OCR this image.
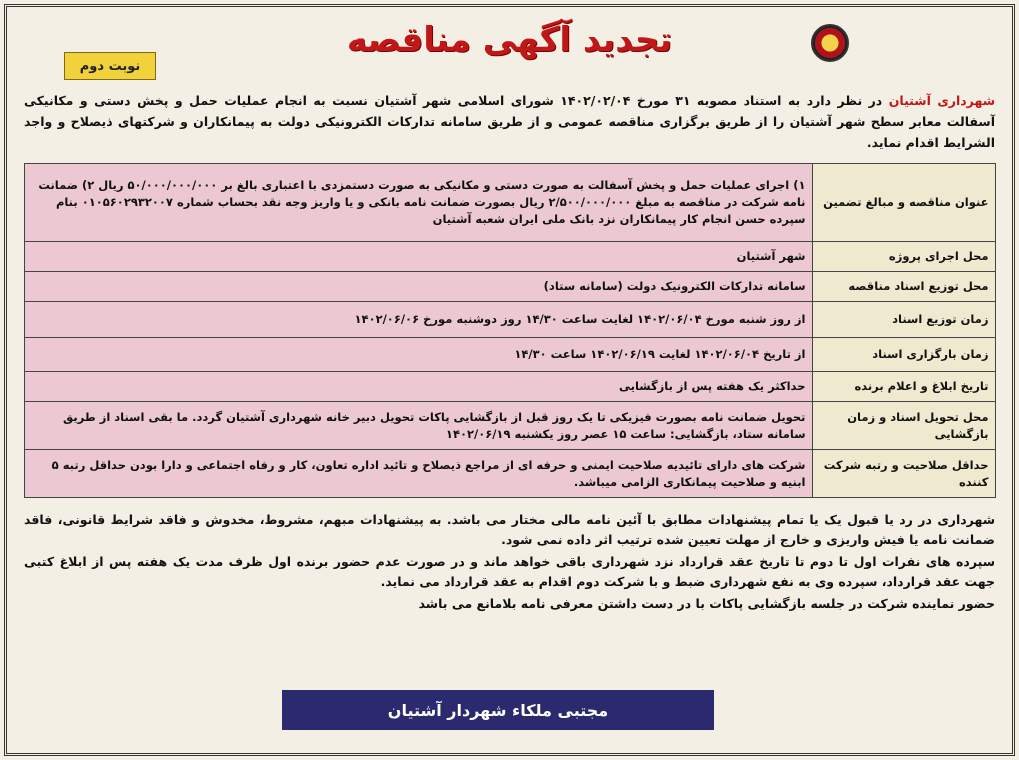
تجدید آگهی مناقصه
نوبت دوم
شهرداری آشتیان در نظر دارد به استناد مصوبه ۳۱ مورخ ۱۴۰۲/۰۲/۰۴ شورای اسلامی شهر آشتیان نسبت به انجام عملیات حمل و پخش دستی و مکانیکی آسفالت معابر سطح شهر آشتیان را از طریق برگزاری مناقصه عمومی و از طریق سامانه تدارکات الکترونیکی دولت به پیمانکاران و شرکتهای ذیصلاح و واجد الشرایط اقدام نماید.
عنوان مناقصه و مبالغ تضمین	۱) اجرای عملیات حمل و پخش آسفالت به صورت دستی و مکانیکی به صورت دستمزدی با اعتباری بالغ بر ۵۰/۰۰۰/۰۰۰/۰۰۰ ریال ۲) ضمانت نامه شرکت در مناقصه به مبلغ ۲/۵۰۰/۰۰۰/۰۰۰ ریال بصورت ضمانت نامه بانکی و یا واریز وجه نقد بحساب شماره ۰۱۰۵۶۰۲۹۳۲۰۰۷ بنام سپرده حسن انجام کار پیمانکاران نزد بانک ملی ایران شعبه آشتیان
محل اجرای پروژه	شهر آشتیان
محل توزیع اسناد مناقصه	سامانه تدارکات الکترونیک دولت (سامانه ستاد)
زمان توزیع اسناد	از روز شنبه مورخ ۱۴۰۲/۰۶/۰۴ لغایت ساعت ۱۴/۳۰ روز دوشنبه مورخ ۱۴۰۲/۰۶/۰۶
زمان بارگزاری اسناد	از تاریخ ۱۴۰۲/۰۶/۰۴ لغایت ۱۴۰۲/۰۶/۱۹ ساعت ۱۴/۳۰
تاریخ ابلاغ و اعلام برنده	حداکثر یک هفته پس از بازگشایی
محل تحویل اسناد و زمان بازگشایی	تحویل ضمانت نامه بصورت فیزیکی تا یک روز قبل از بازگشایی پاکات تحویل دبیر خانه شهرداری آشتیان گردد. ما بقی اسناد از طریق سامانه ستاد، بازگشایی: ساعت ۱۵ عصر روز یکشنبه ۱۴۰۲/۰۶/۱۹
حداقل صلاحیت و رتبه شرکت کننده	شرکت های دارای تائیدیه صلاحیت ایمنی و حرفه ای از مراجع ذیصلاح و تائید اداره تعاون، کار و رفاه اجتماعی و دارا بودن حداقل رتبه ۵ ابنیه و صلاحیت پیمانکاری الزامی میباشد.

شهرداری در رد یا قبول یک یا تمام پیشنهادات مطابق با آئین نامه مالی مختار می باشد. به پیشنهادات مبهم، مشروط، مخدوش و فاقد شرایط قانونی، فاقد ضمانت نامه یا فیش واریزی و خارج از مهلت تعیین شده ترتیب اثر داده نمی شود.

سپرده های نفرات اول تا دوم تا تاریخ عقد قرارداد نزد شهرداری باقی خواهد ماند و در صورت عدم حضور برنده اول ظرف مدت یک هفته پس از ابلاغ کتبی جهت عقد قرارداد، سپرده وی به نفع شهرداری ضبط و با شرکت دوم اقدام به عقد قرارداد می نماید.

حضور نماینده شرکت در جلسه بازگشایی پاکات با در دست داشتن معرفی نامه بلامانع می باشد

مجتبی ملکاء شهردار آشتیان
